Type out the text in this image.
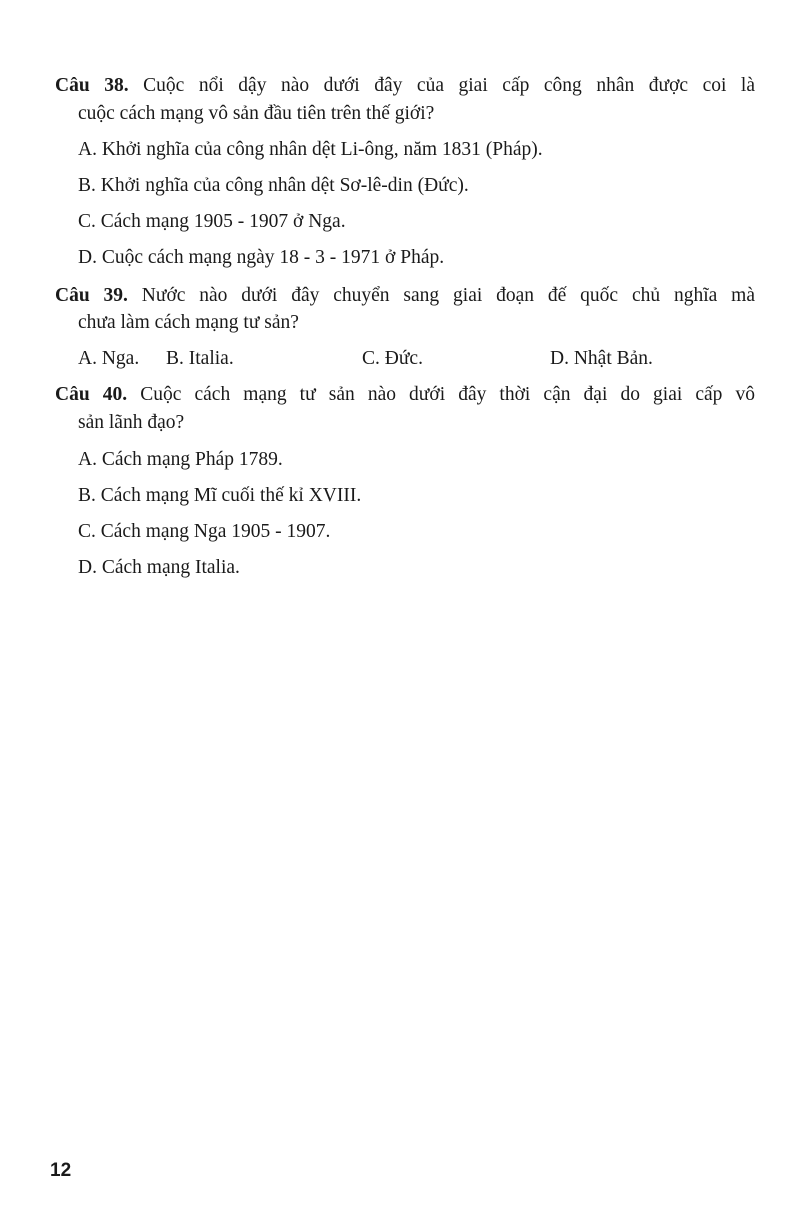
Câu 38. Cuộc nổi dậy nào dưới đây của giai cấp công nhân được coi là
cuộc cách mạng vô sản đầu tiên trên thế giới?
A. Khởi nghĩa của công nhân dệt Li-ông, năm 1831 (Pháp).
B. Khởi nghĩa của công nhân dệt Sơ-lê-din (Đức).
C. Cách mạng 1905 - 1907 ở Nga.
D. Cuộc cách mạng ngày 18 - 3 - 1971 ở Pháp.
Câu 39. Nước nào dưới đây chuyển sang giai đoạn đế quốc chủ nghĩa mà
chưa làm cách mạng tư sản?
A. Nga. B. Italia.	C. Đức.	D. Nhật Bản.
Câu 40. Cuộc cách mạng tư sản nào dưới đây thời cận đại do giai cấp vô
sản lãnh đạo?
A. Cách mạng Pháp 1789.
B. Cách mạng Mĩ cuối thế kỉ XVIII.
C. Cách mạng Nga 1905 - 1907.
D. Cách mạng Italia.
12
